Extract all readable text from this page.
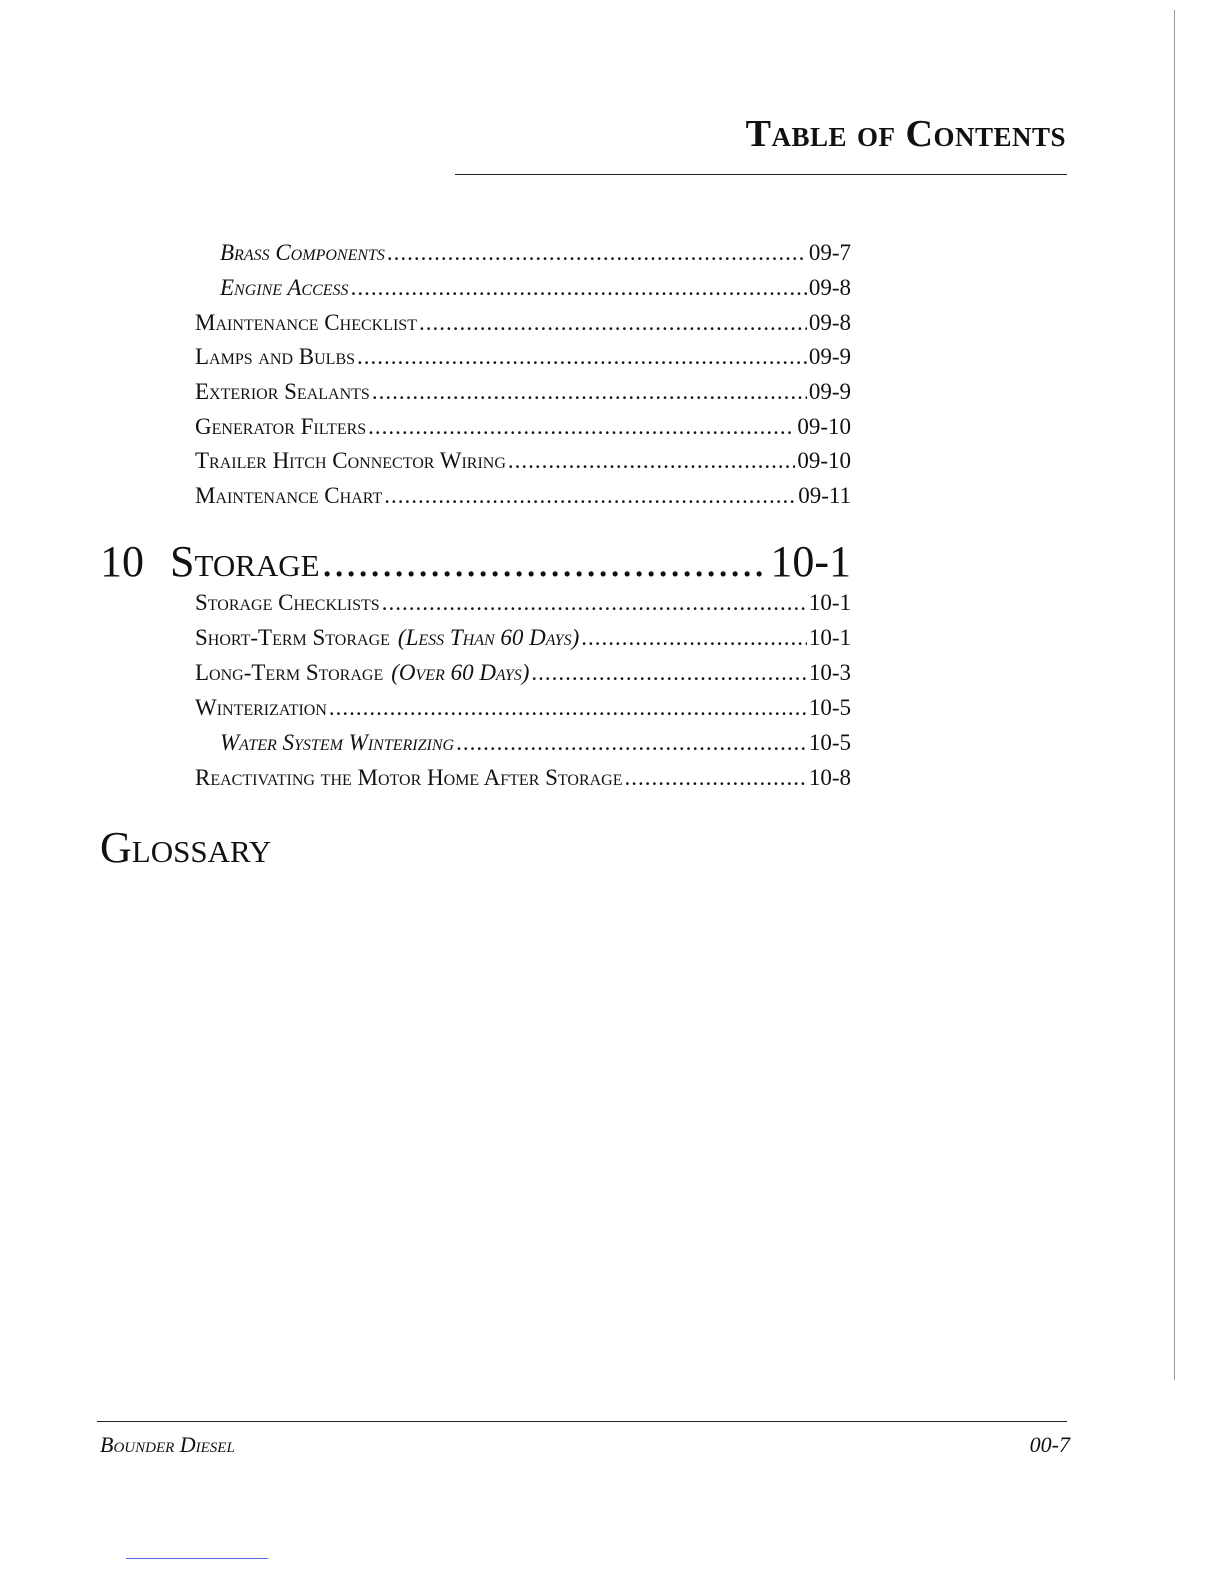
Table of Contents
Brass Components .....	09-7
Engine Access .....	09-8
Maintenance Checklist .....	09-8
Lamps and Bulbs .....	09-9
Exterior Sealants .....	09-9
Generator Filters .....	09-10
Trailer Hitch Connector Wiring .....	09-10
Maintenance Chart .....	09-11
10 Storage .....	10-1
Storage Checklists .....	10-1
Short-Term Storage (Less Than 60 Days) .....	10-1
Long-Term Storage (Over 60 Days) .....	10-3
Winterization .....	10-5
Water System Winterizing .....	10-5
Reactivating the Motor Home After Storage .....	10-8
Glossary
Bounder Diesel	00-7
